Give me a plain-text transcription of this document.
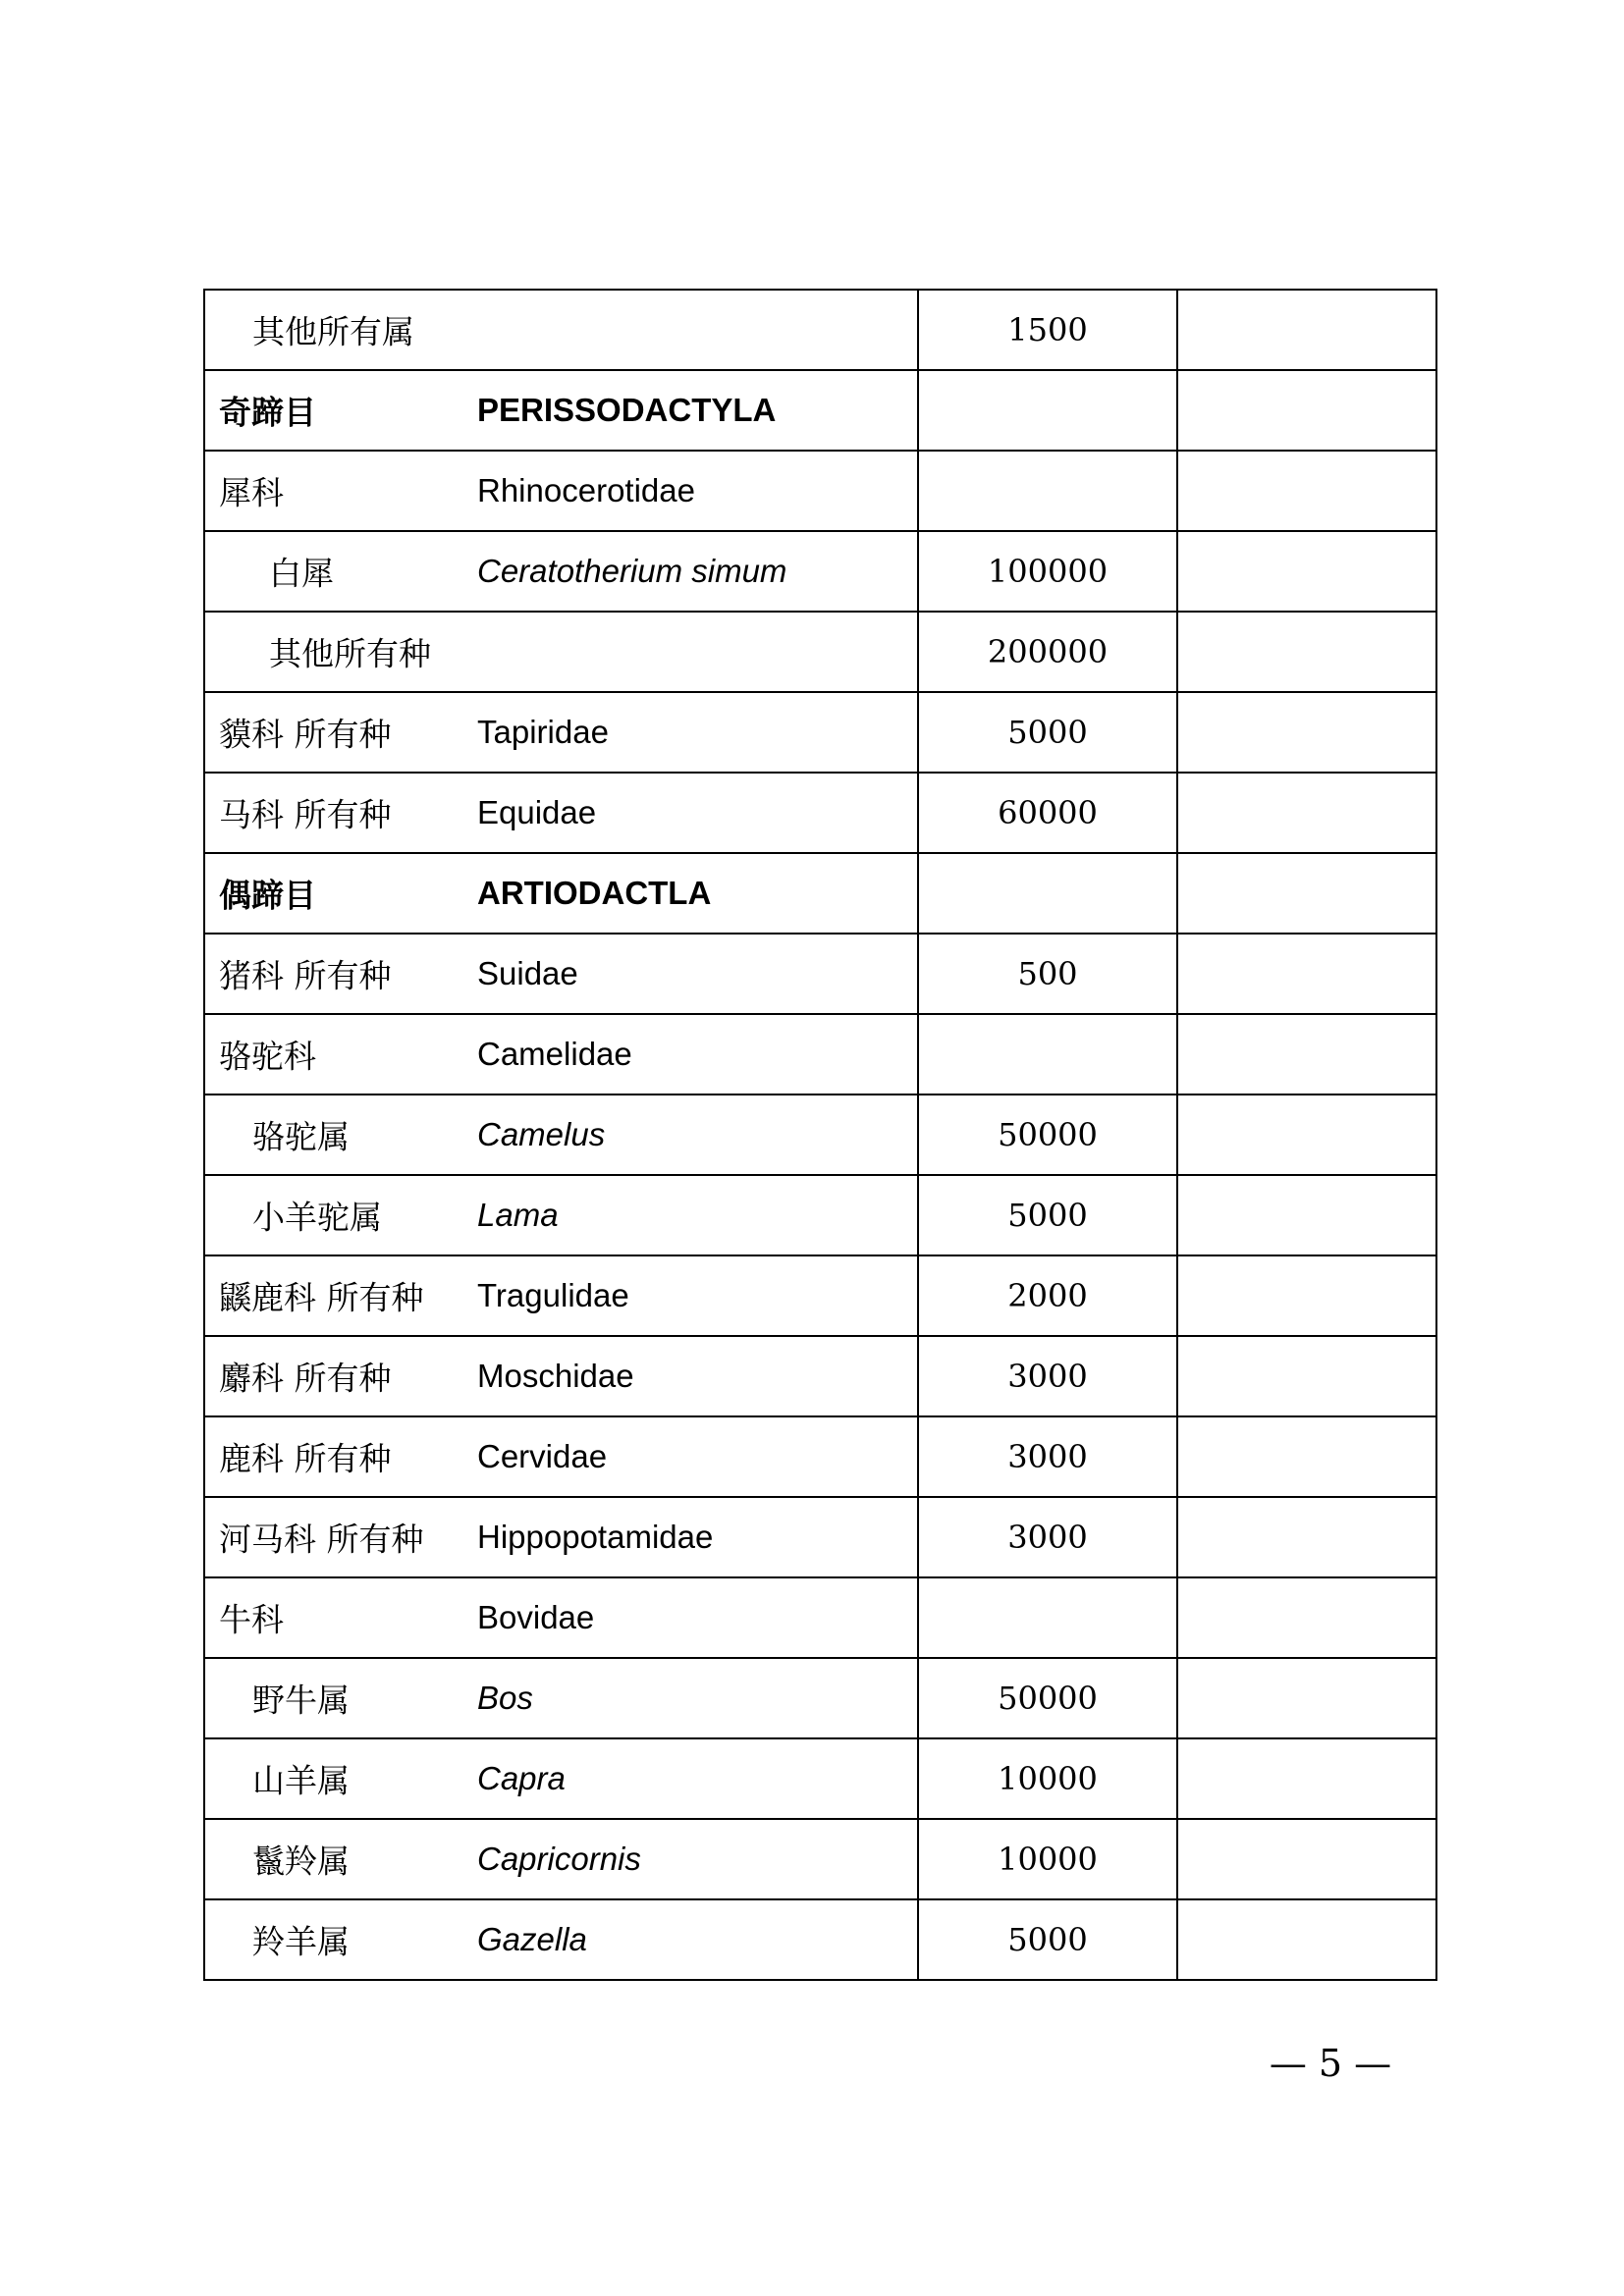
其他所有属	1500	

奇蹄目 PERISSODACTYLA		

犀科 Rhinocerotidae		

白犀 Ceratotherium simum	100000	

其他所有种	200000	

貘科 所有种 Tapiridae	5000	

马科 所有种 Equidae	60000	

偶蹄目 ARTIODACTLA		

猪科 所有种 Suidae	500	

骆驼科 Camelidae		

骆驼属 Camelus	50000	

小羊驼属 Lama	5000	

鼷鹿科 所有种 Tragulidae	2000	

麝科 所有种 Moschidae	3000	

鹿科 所有种 Cervidae	3000	

河马科 所有种 Hippopotamidae	3000	

牛科 Bovidae		

野牛属 Bos	50000	

山羊属 Capra	10000	

鬣羚属 Capricornis	10000	

羚羊属 Gazella	5000	
— 5 —
